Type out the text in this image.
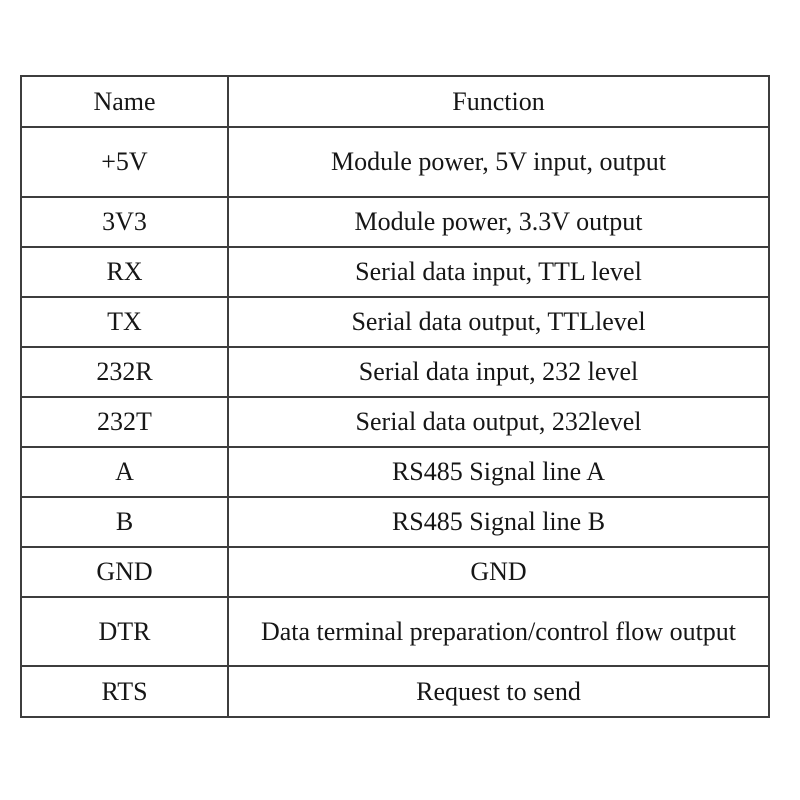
Name	Function
+5V	Module power, 5V input, output
3V3	Module power, 3.3V output
RX	Serial data input, TTL level
TX	Serial data output, TTLlevel
232R	Serial data input, 232 level
232T	Serial data output, 232level
A	RS485 Signal line A
B	RS485 Signal line B
GND	GND
DTR	Data terminal preparation/control flow output
RTS	Request to send
